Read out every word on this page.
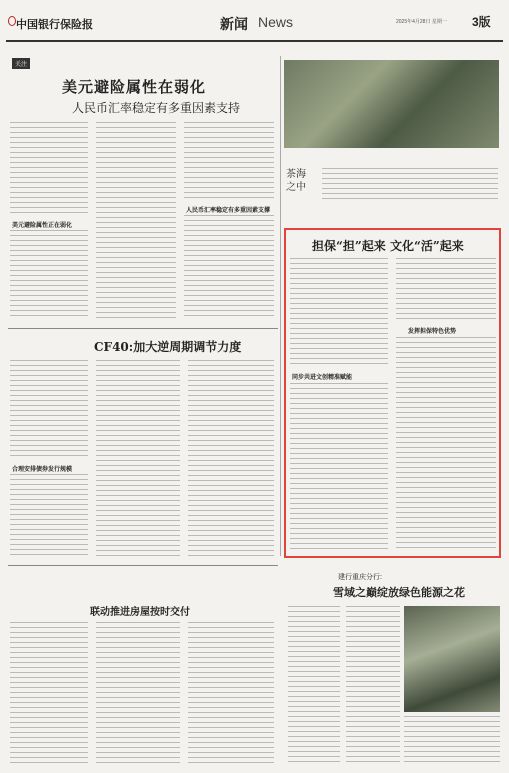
中国银行保险报	新闻 News	2025年4月28日 星期一 3版
关注
美元避险属性在弱化
人民币汇率稳定有多重因素支持
美元避险属性正在弱化
人民币汇率稳定有多重因素支撑
茶海
之中
CF40:加大逆周期调节力度
合理安排债券发行规模
担保“担”起来 文化“活”起来
同步共进文创精准赋能
发挥担保特色优势
联动推进房屋按时交付
建行重庆分行:
雪域之巅绽放绿色能源之花
